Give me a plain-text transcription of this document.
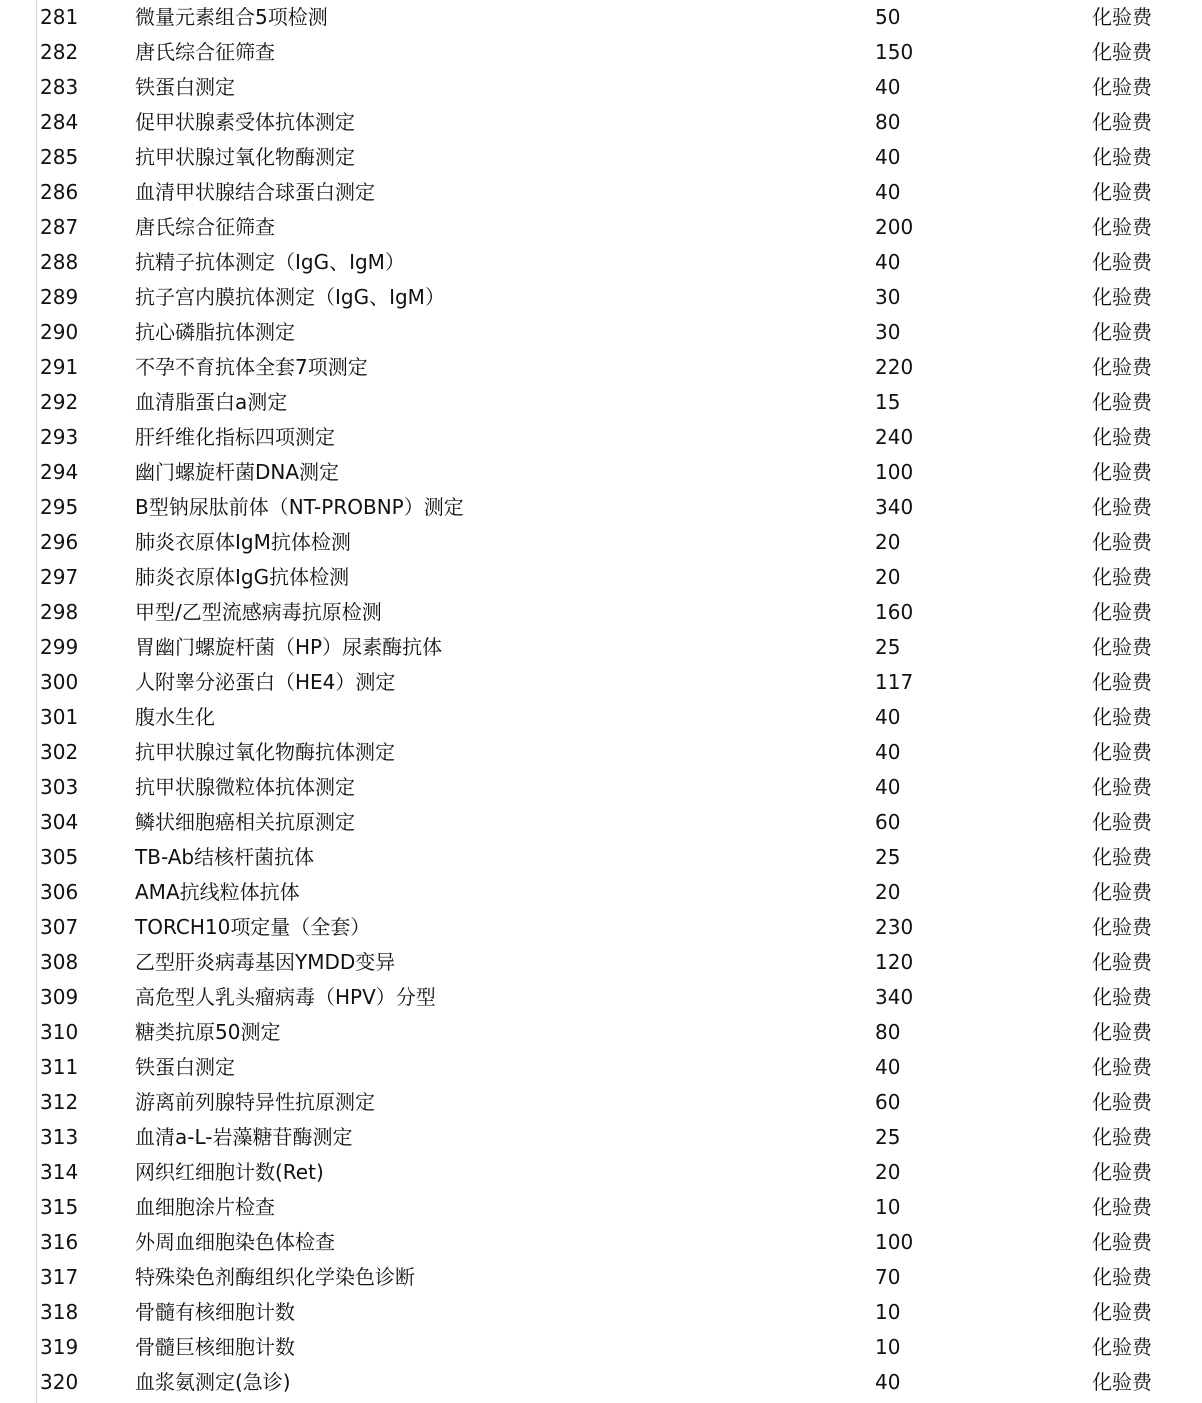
281	微量元素组合5项检测	50	化验费
282	唐氏综合征筛查	150	化验费
283	铁蛋白测定	40	化验费
284	促甲状腺素受体抗体测定	80	化验费
285	抗甲状腺过氧化物酶测定	40	化验费
286	血清甲状腺结合球蛋白测定	40	化验费
287	唐氏综合征筛查	200	化验费
288	抗精子抗体测定（IgG、IgM）	40	化验费
289	抗子宫内膜抗体测定（IgG、IgM）	30	化验费
290	抗心磷脂抗体测定	30	化验费
291	不孕不育抗体全套7项测定	220	化验费
292	血清脂蛋白a测定	15	化验费
293	肝纤维化指标四项测定	240	化验费
294	幽门螺旋杆菌DNA测定	100	化验费
295	B型钠尿肽前体（NT-PROBNP）测定	340	化验费
296	肺炎衣原体IgM抗体检测	20	化验费
297	肺炎衣原体IgG抗体检测	20	化验费
298	甲型/乙型流感病毒抗原检测	160	化验费
299	胃幽门螺旋杆菌（HP）尿素酶抗体	25	化验费
300	人附睾分泌蛋白（HE4）测定	117	化验费
301	腹水生化	40	化验费
302	抗甲状腺过氧化物酶抗体测定	40	化验费
303	抗甲状腺微粒体抗体测定	40	化验费
304	鳞状细胞癌相关抗原测定	60	化验费
305	TB-Ab结核杆菌抗体	25	化验费
306	AMA抗线粒体抗体	20	化验费
307	TORCH10项定量（全套）	230	化验费
308	乙型肝炎病毒基因YMDD变异	120	化验费
309	高危型人乳头瘤病毒（HPV）分型	340	化验费
310	糖类抗原50测定	80	化验费
311	铁蛋白测定	40	化验费
312	游离前列腺特异性抗原测定	60	化验费
313	血清a-L-岩藻糖苷酶测定	25	化验费
314	网织红细胞计数(Ret)	20	化验费
315	血细胞涂片检查	10	化验费
316	外周血细胞染色体检查	100	化验费
317	特殊染色剂酶组织化学染色诊断	70	化验费
318	骨髓有核细胞计数	10	化验费
319	骨髓巨核细胞计数	10	化验费
320	血浆氨测定(急诊)	40	化验费
